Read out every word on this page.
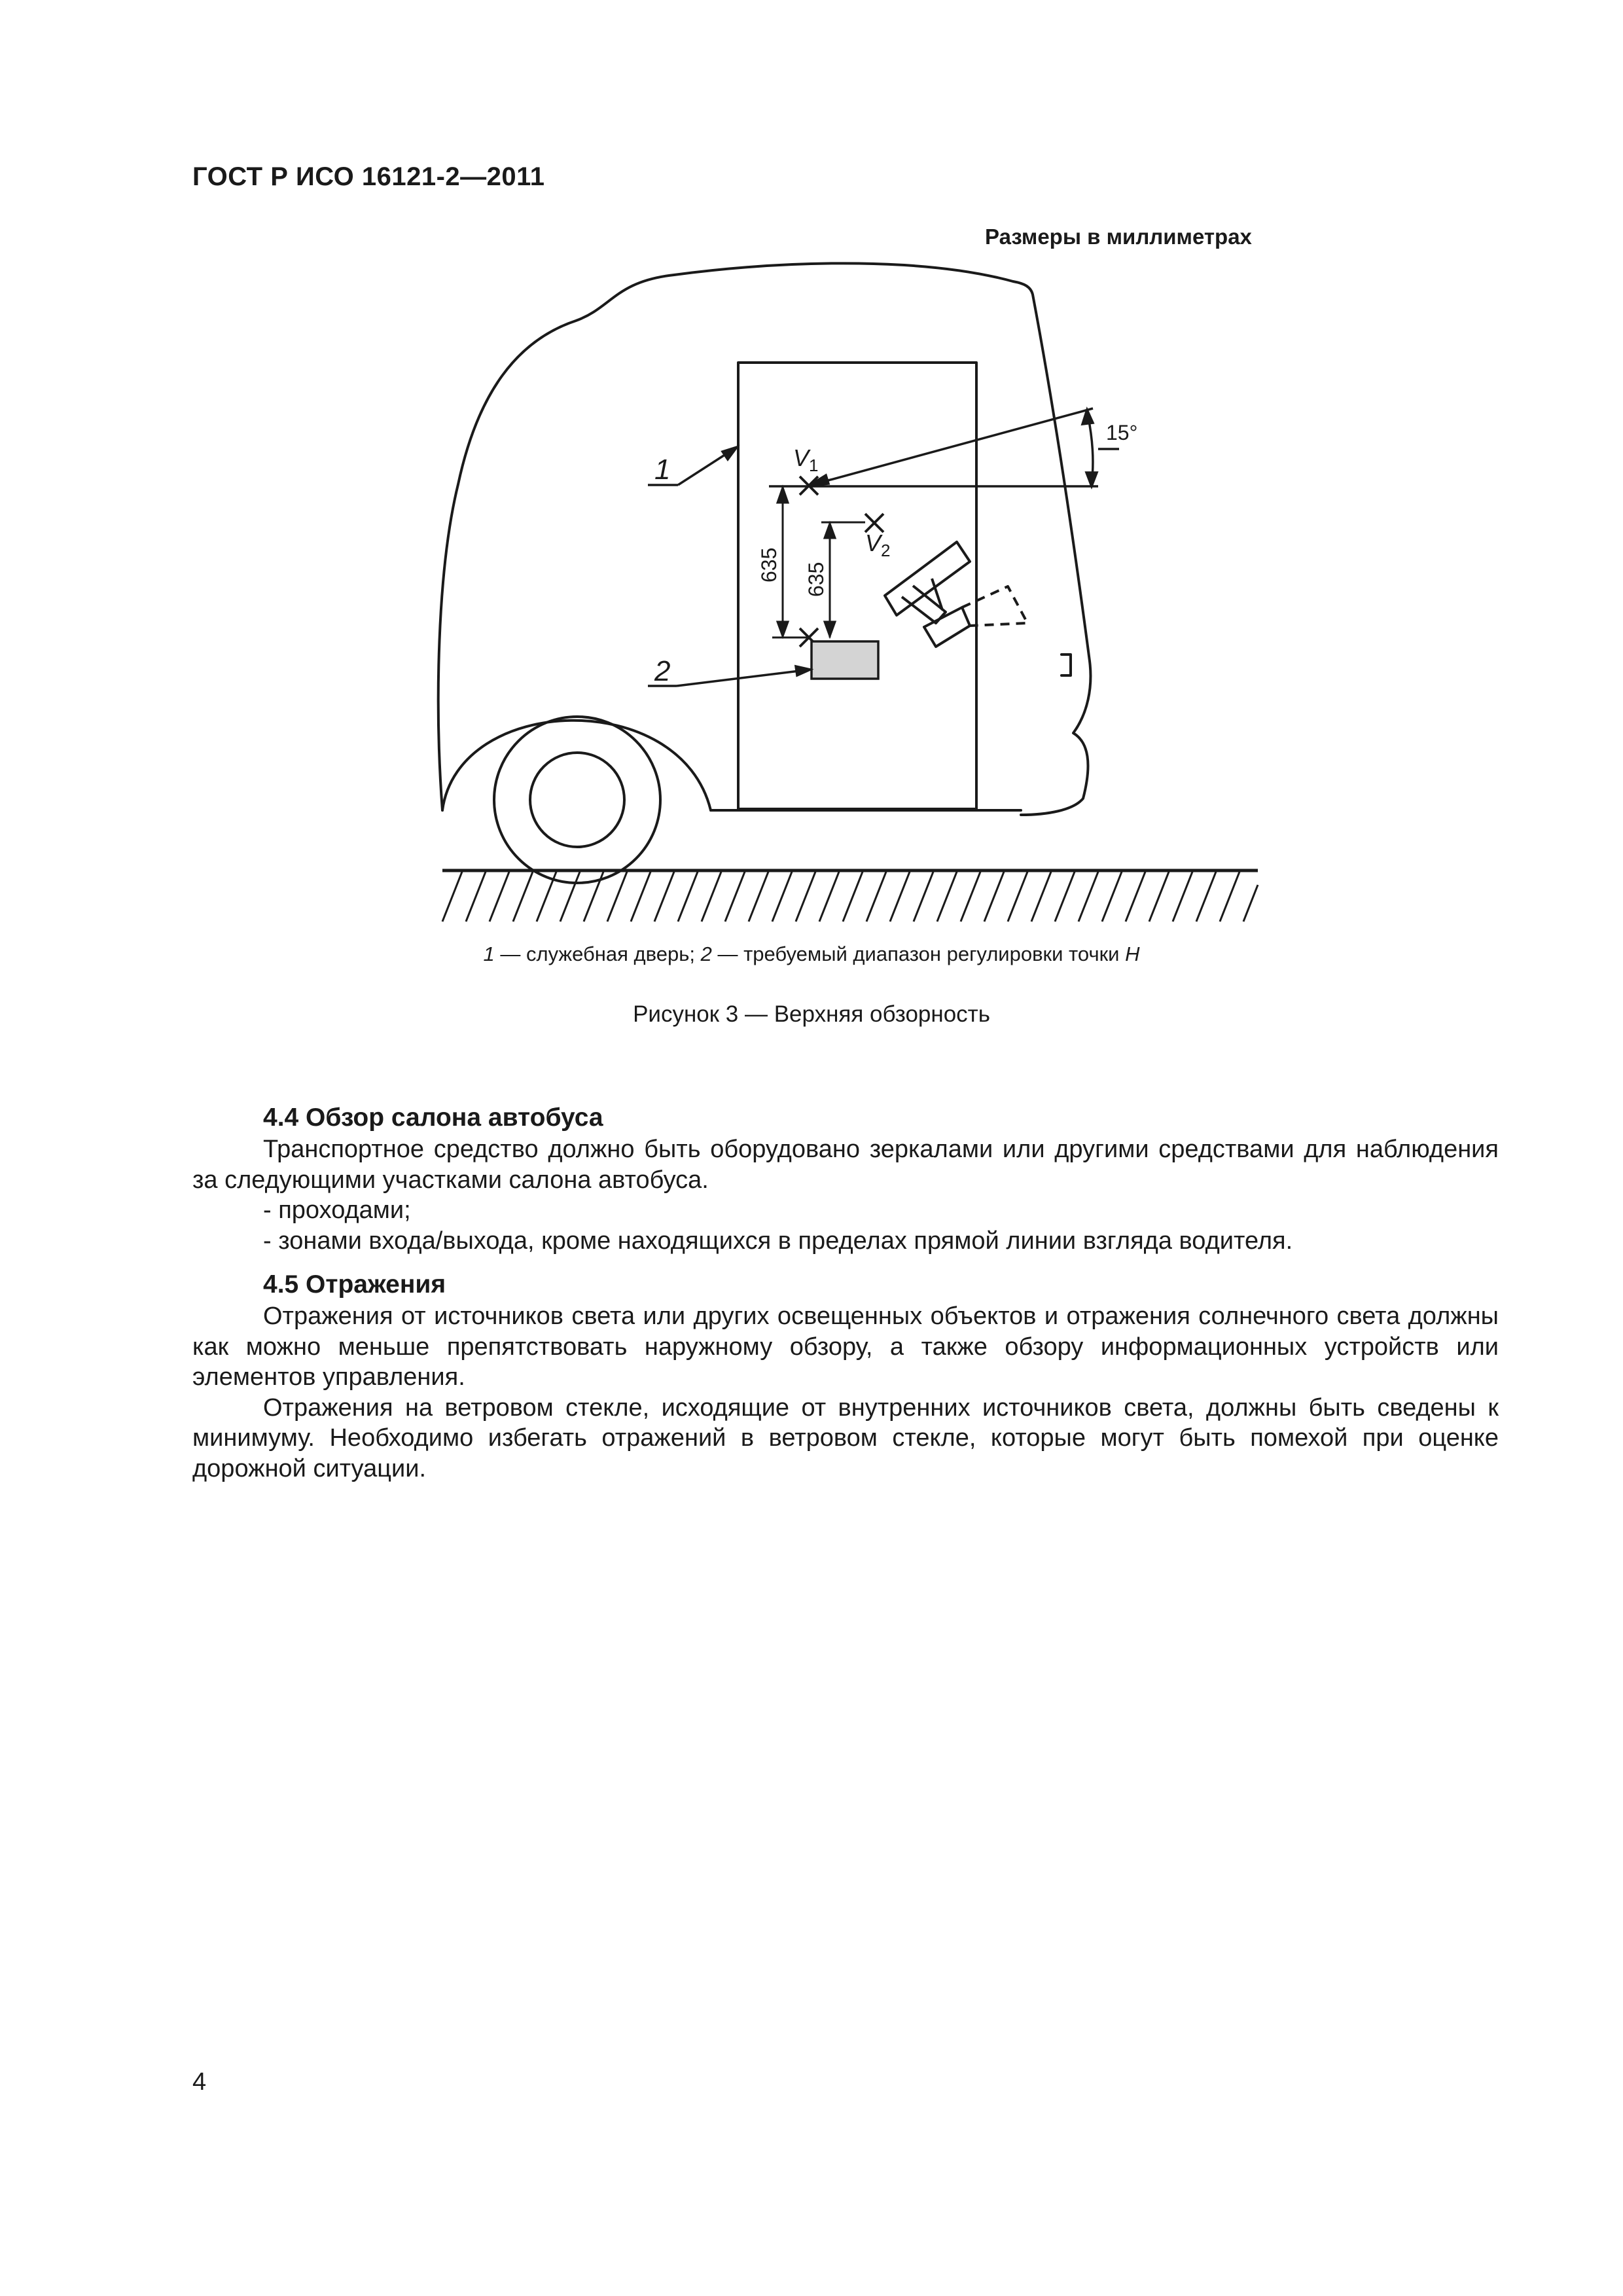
ГОСТ Р ИСО 16121-2—2011
Размеры в миллиметрах
1
2
$V_1$
$V_2$
15°
635 635
1 — служебная дверь; 2 — требуемый диапазон регулировки точки H
Рисунок 3 — Верхняя обзорность
4.4 Обзор салона автобуса

Транспортное средство должно быть оборудовано зеркалами или другими средствами для наблюдения за следующими участками салона автобуса.

- проходами;

- зонами входа/выхода, кроме находящихся в пределах прямой линии взгляда водителя.

4.5 Отражения

Отражения от источников света или других освещенных объектов и отражения солнечного света должны как можно меньше препятствовать наружному обзору, а также обзору информационных устройств или элементов управления.

Отражения на ветровом стекле, исходящие от внутренних источников света, должны быть сведены к минимуму. Необходимо избегать отражений в ветровом стекле, которые могут быть помехой при оценке дорожной ситуации.

4
